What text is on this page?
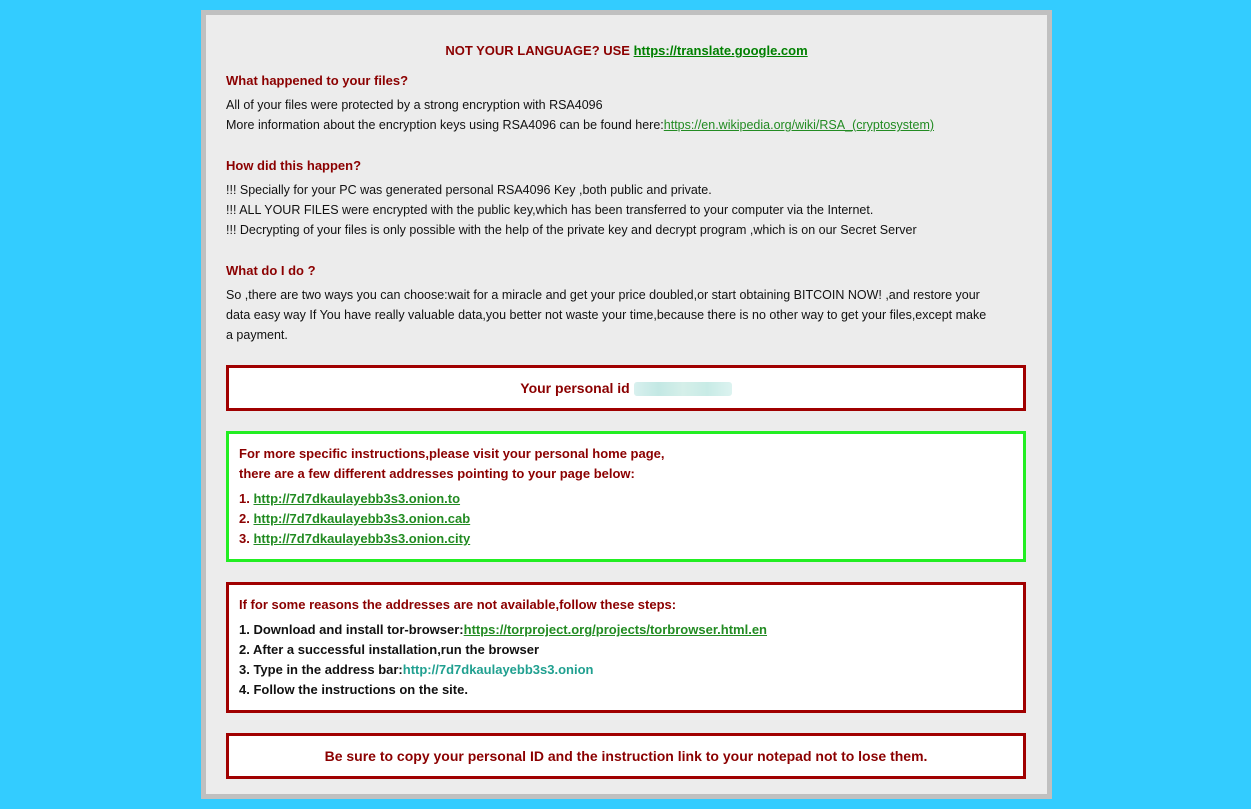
NOT YOUR LANGUAGE? USE https://translate.google.com
What happened to your files?
All of your files were protected by a strong encryption with RSA4096
More information about the encryption keys using RSA4096 can be found here:https://en.wikipedia.org/wiki/RSA_(cryptosystem)
How did this happen?
!!! Specially for your PC was generated personal RSA4096 Key ,both public and private.
!!! ALL YOUR FILES were encrypted with the public key,which has been transferred to your computer via the Internet.
!!! Decrypting of your files is only possible with the help of the private key and decrypt program ,which is on our Secret Server
What do I do ?
So ,there are two ways you can choose:wait for a miracle and get your price doubled,or start obtaining BITCOIN NOW! ,and restore your
data easy way If You have really valuable data,you better not waste your time,because there is no other way to get your files,except make
a payment.
Your personal id
For more specific instructions,please visit your personal home page,
there are a few different addresses pointing to your page below:
1. http://7d7dkaulayebb3s3.onion.to
2. http://7d7dkaulayebb3s3.onion.cab
3. http://7d7dkaulayebb3s3.onion.city
If for some reasons the addresses are not available,follow these steps:
1. Download and install tor-browser:https://torproject.org/projects/torbrowser.html.en
2. After a successful installation,run the browser
3. Type in the address bar:http://7d7dkaulayebb3s3.onion
4. Follow the instructions on the site.
Be sure to copy your personal ID and the instruction link to your notepad not to lose them.
